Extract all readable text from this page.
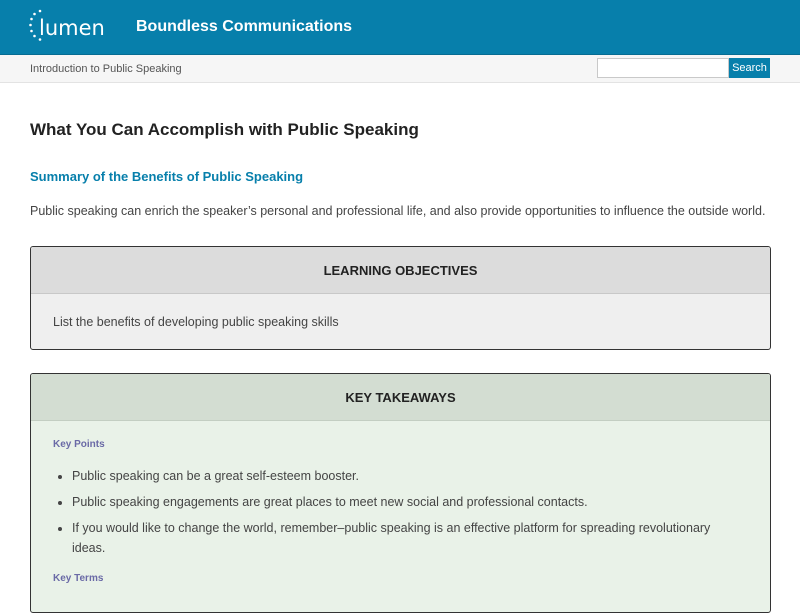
lumen Boundless Communications
Introduction to Public Speaking	Search
What You Can Accomplish with Public Speaking
Summary of the Benefits of Public Speaking

Public speaking can enrich the speaker’s personal and professional life, and also provide opportunities to influence the outside world.

LEARNING OBJECTIVES
List the benefits of developing public speaking skills
KEY TAKEAWAYS
Key Points
• Public speaking can be a great self-esteem booster.
• Public speaking engagements are great places to meet new social and professional contacts.
• If you would like to change the world, remember–public speaking is an effective platform for spreading revolutionary ideas.
Key Terms
